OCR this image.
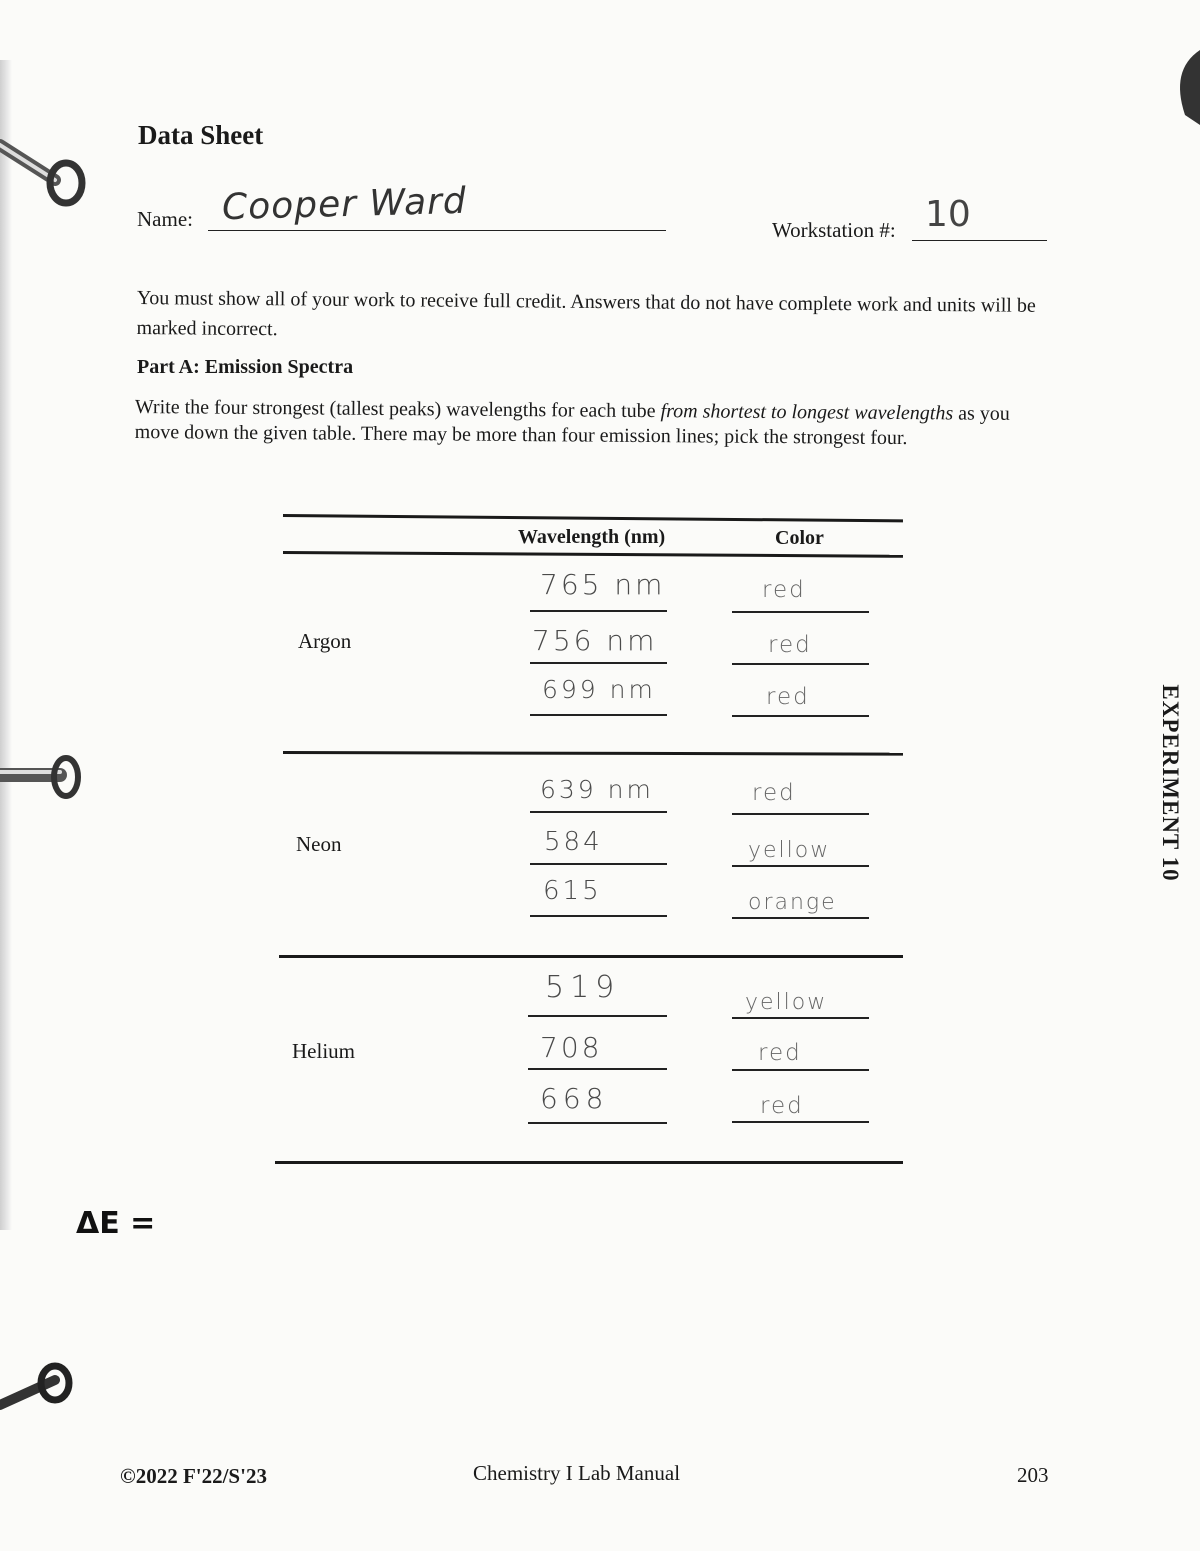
Data Sheet
Name: Cooper Ward
Workstation #: 10
You must show all of your work to receive full credit. Answers that do not have complete work and units will be marked incorrect.
Part A: Emission Spectra
Write the four strongest (tallest peaks) wavelengths for each tube from shortest to longest wavelengths as you move down the given table. There may be more than four emission lines; pick the strongest four.
Wavelength (nm)	Color
Argon
765 nm	red
756 nm	red
699 nm	red
Neon
639 nm	red
584	yellow
615	orange
Helium
519	yellow
708	red
668	red
EXPERIMENT 10
ΔE =
©2022 F'22/S'23	Chemistry I Lab Manual	203
